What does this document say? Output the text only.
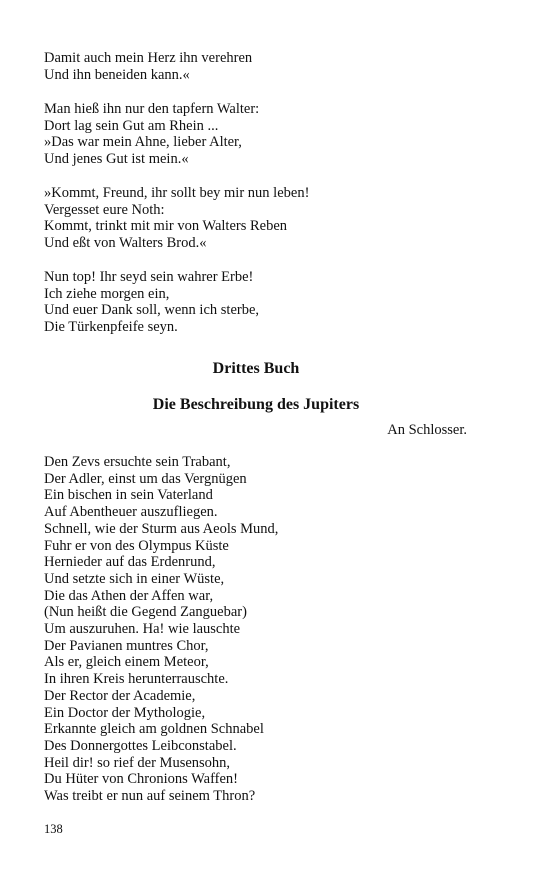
Damit auch mein Herz ihn verehren
Und ihn beneiden kann.«
Man hieß ihn nur den tapfern Walter:
Dort lag sein Gut am Rhein ...
»Das war mein Ahne, lieber Alter,
Und jenes Gut ist mein.«
»Kommt, Freund, ihr sollt bey mir nun leben!
Vergesset eure Noth:
Kommt, trinkt mit mir von Walters Reben
Und eßt von Walters Brod.«
Nun top! Ihr seyd sein wahrer Erbe!
Ich ziehe morgen ein,
Und euer Dank soll, wenn ich sterbe,
Die Türkenpfeife seyn.
Drittes Buch
Die Beschreibung des Jupiters

An Schlosser.

Den Zevs ersuchte sein Trabant,
Der Adler, einst um das Vergnügen
Ein bischen in sein Vaterland
Auf Abentheuer auszufliegen.
Schnell, wie der Sturm aus Aeols Mund,
Fuhr er von des Olympus Küste
Hernieder auf das Erdenrund,
Und setzte sich in einer Wüste,
Die das Athen der Affen war,
(Nun heißt die Gegend Zanguebar)
Um auszuruhen. Ha! wie lauschte
Der Pavianen muntres Chor,
Als er, gleich einem Meteor,
In ihren Kreis herunterrauschte.
Der Rector der Academie,
Ein Doctor der Mythologie,
Erkannte gleich am goldnen Schnabel
Des Donnergottes Leibconstabel.
Heil dir! so rief der Musensohn,
Du Hüter von Chronions Waffen!
Was treibt er nun auf seinem Thron?

138
